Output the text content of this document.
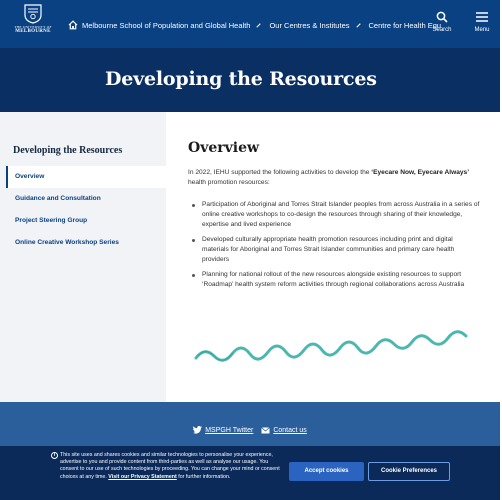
THE UNIVERSITY OF
MELBOURNE
Melbourne School of Population and Global Health	Our Centres & Institutes	Centre for Health Equ
Search	Menu
Developing the Resources
Developing the Resources
Overview
Guidance and Consultation
Project Steering Group
Online Creative Workshop Series
Overview

In 2022, IEHU supported the following activities to develop the ‘Eyecare Now, Eyecare Always’ health promotion resources:

Participation of Aboriginal and Torres Strait Islander peoples from across Australia in a series of online creative workshops to co-design the resources through sharing of their knowledge, expertise and lived experience
Developed culturally appropriate health promotion resources including print and digital materials for Aboriginal and Torres Strait Islander communities and primary care health providers
Planning for national rollout of the new resources alongside existing resources to support ‘Roadmap’ health system reform activities through regional collaborations across Australia
MSPGH Twitter	Contact us
i This site uses and shares cookies and similar technologies to personalise your experience, advertise to you and provide content from third-parties as well as analyse our usage. You consent to our use of such technologies by proceeding. You can change your mind or consent choices at any time. Visit our Privacy Statement for further information.

Accept cookies	Cookie Preferences
